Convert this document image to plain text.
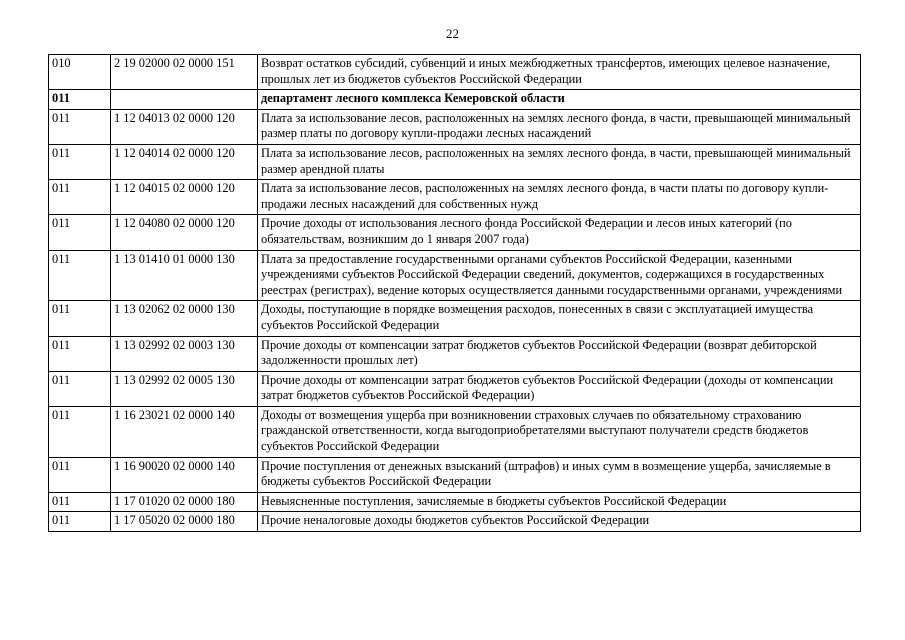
22
010	2 19 02000 02 0000 151	Возврат остатков субсидий, субвенций и иных межбюджетных трансфертов, имеющих целевое назначение, прошлых лет из бюджетов субъектов Российской Федерации
011		департамент лесного комплекса Кемеровской области
011	1 12 04013 02 0000 120	Плата за использование лесов, расположенных на землях лесного фонда, в части, превышающей минимальный размер платы по договору купли-продажи лесных насаждений
011	1 12 04014 02 0000 120	Плата за использование лесов, расположенных на землях лесного фонда, в части, превышающей минимальный размер арендной платы
011	1 12 04015 02 0000 120	Плата за использование лесов, расположенных на землях лесного фонда, в части платы по договору купли-продажи лесных насаждений для собственных нужд
011	1 12 04080 02 0000 120	Прочие доходы от использования лесного фонда Российской Федерации и лесов иных категорий (по обязательствам, возникшим до 1 января 2007 года)
011	1 13 01410 01 0000 130	Плата за предоставление государственными органами субъектов Российской Федерации, казенными учреждениями субъектов Российской Федерации сведений, документов, содержащихся в государственных реестрах (регистрах), ведение которых осуществляется данными государственными органами, учреждениями
011	1 13 02062 02 0000 130	Доходы, поступающие в порядке возмещения расходов, понесенных в связи с эксплуатацией имущества субъектов Российской Федерации
011	1 13 02992 02 0003 130	Прочие доходы от компенсации затрат бюджетов субъектов Российской Федерации (возврат дебиторской задолженности прошлых лет)
011	1 13 02992 02 0005 130	Прочие доходы от компенсации затрат бюджетов субъектов Российской Федерации (доходы от компенсации затрат бюджетов субъектов Российской Федерации)
011	1 16 23021 02 0000 140	Доходы от возмещения ущерба при возникновении страховых случаев по обязательному страхованию гражданской ответственности, когда выгодоприобретателями выступают получатели средств бюджетов субъектов Российской Федерации
011	1 16 90020 02 0000 140	Прочие поступления от денежных взысканий (штрафов) и иных сумм в возмещение ущерба, зачисляемые в бюджеты субъектов Российской Федерации
011	1 17 01020 02 0000 180	Невыясненные поступления, зачисляемые в бюджеты субъектов Российской Федерации
011	1 17 05020 02 0000 180	Прочие неналоговые доходы бюджетов субъектов Российской Федерации
